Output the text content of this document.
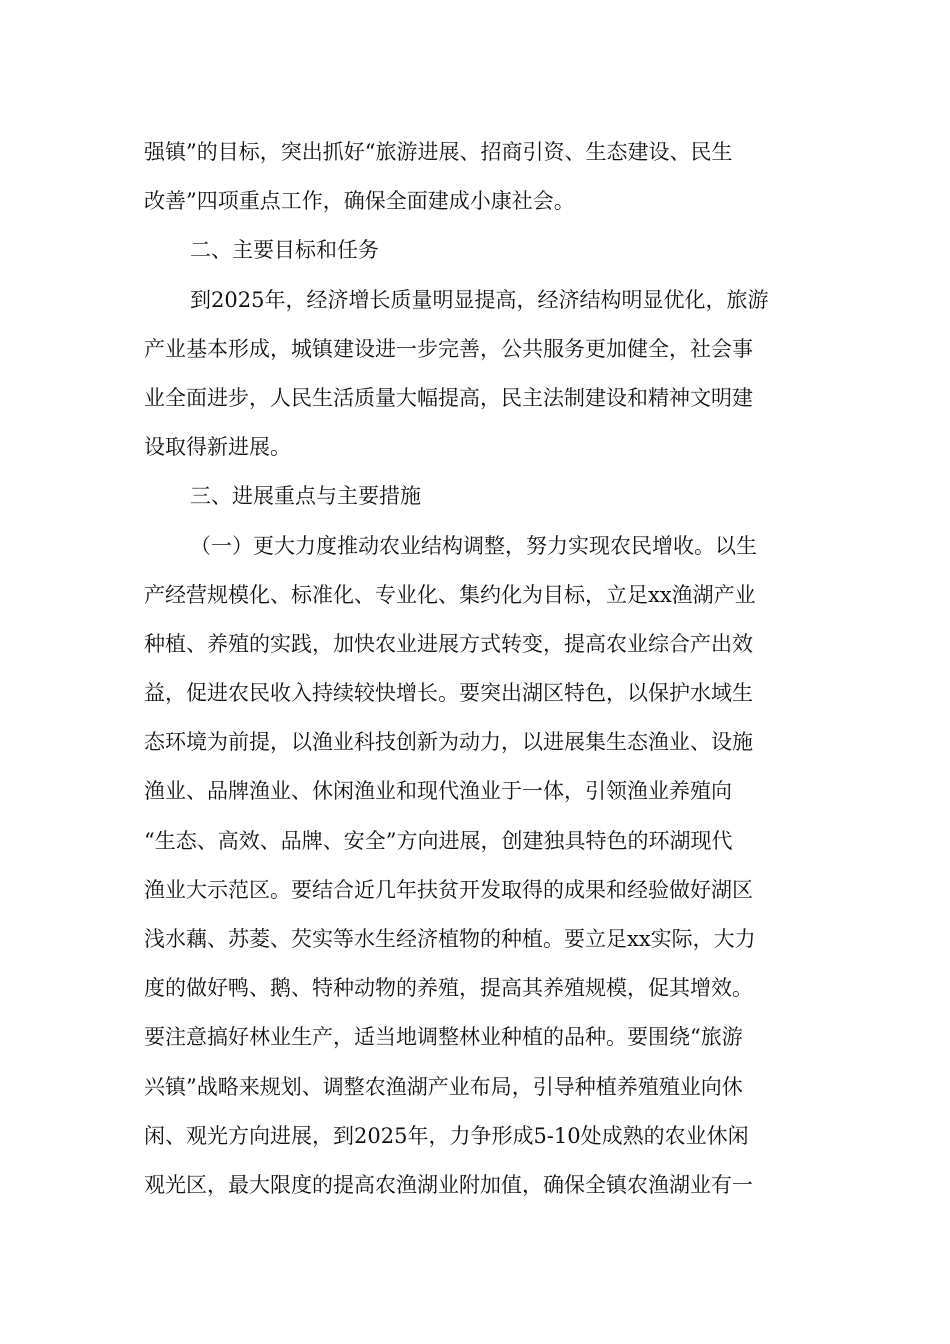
强镇”的目标，突出抓好“旅游进展、招商引资、生态建设、民生
改善”四项重点工作，确保全面建成小康社会。
二、主要目标和任务
到2025年，经济增长质量明显提高，经济结构明显优化，旅游
产业基本形成，城镇建设进一步完善，公共服务更加健全，社会事
业全面进步，人民生活质量大幅提高，民主法制建设和精神文明建
设取得新进展。
三、进展重点与主要措施
（一）更大力度推动农业结构调整，努力实现农民增收。以生
产经营规模化、标准化、专业化、集约化为目标，立足xx渔湖产业
种植、养殖的实践，加快农业进展方式转变，提高农业综合产出效
益，促进农民收入持续较快增长。要突出湖区特色，以保护水域生
态环境为前提，以渔业科技创新为动力，以进展集生态渔业、设施
渔业、品牌渔业、休闲渔业和现代渔业于一体，引领渔业养殖向
“生态、高效、品牌、安全”方向进展，创建独具特色的环湖现代
渔业大示范区。要结合近几年扶贫开发取得的成果和经验做好湖区
浅水藕、苏菱、芡实等水生经济植物的种植。要立足xx实际，大力
度的做好鸭、鹅、特种动物的养殖，提高其养殖规模，促其增效。
要注意搞好林业生产，适当地调整林业种植的品种。要围绕“旅游
兴镇”战略来规划、调整农渔湖产业布局，引导种植养殖殖业向休
闲、观光方向进展，到2025年，力争形成5-10处成熟的农业休闲
观光区，最大限度的提高农渔湖业附加值，确保全镇农渔湖业有一
